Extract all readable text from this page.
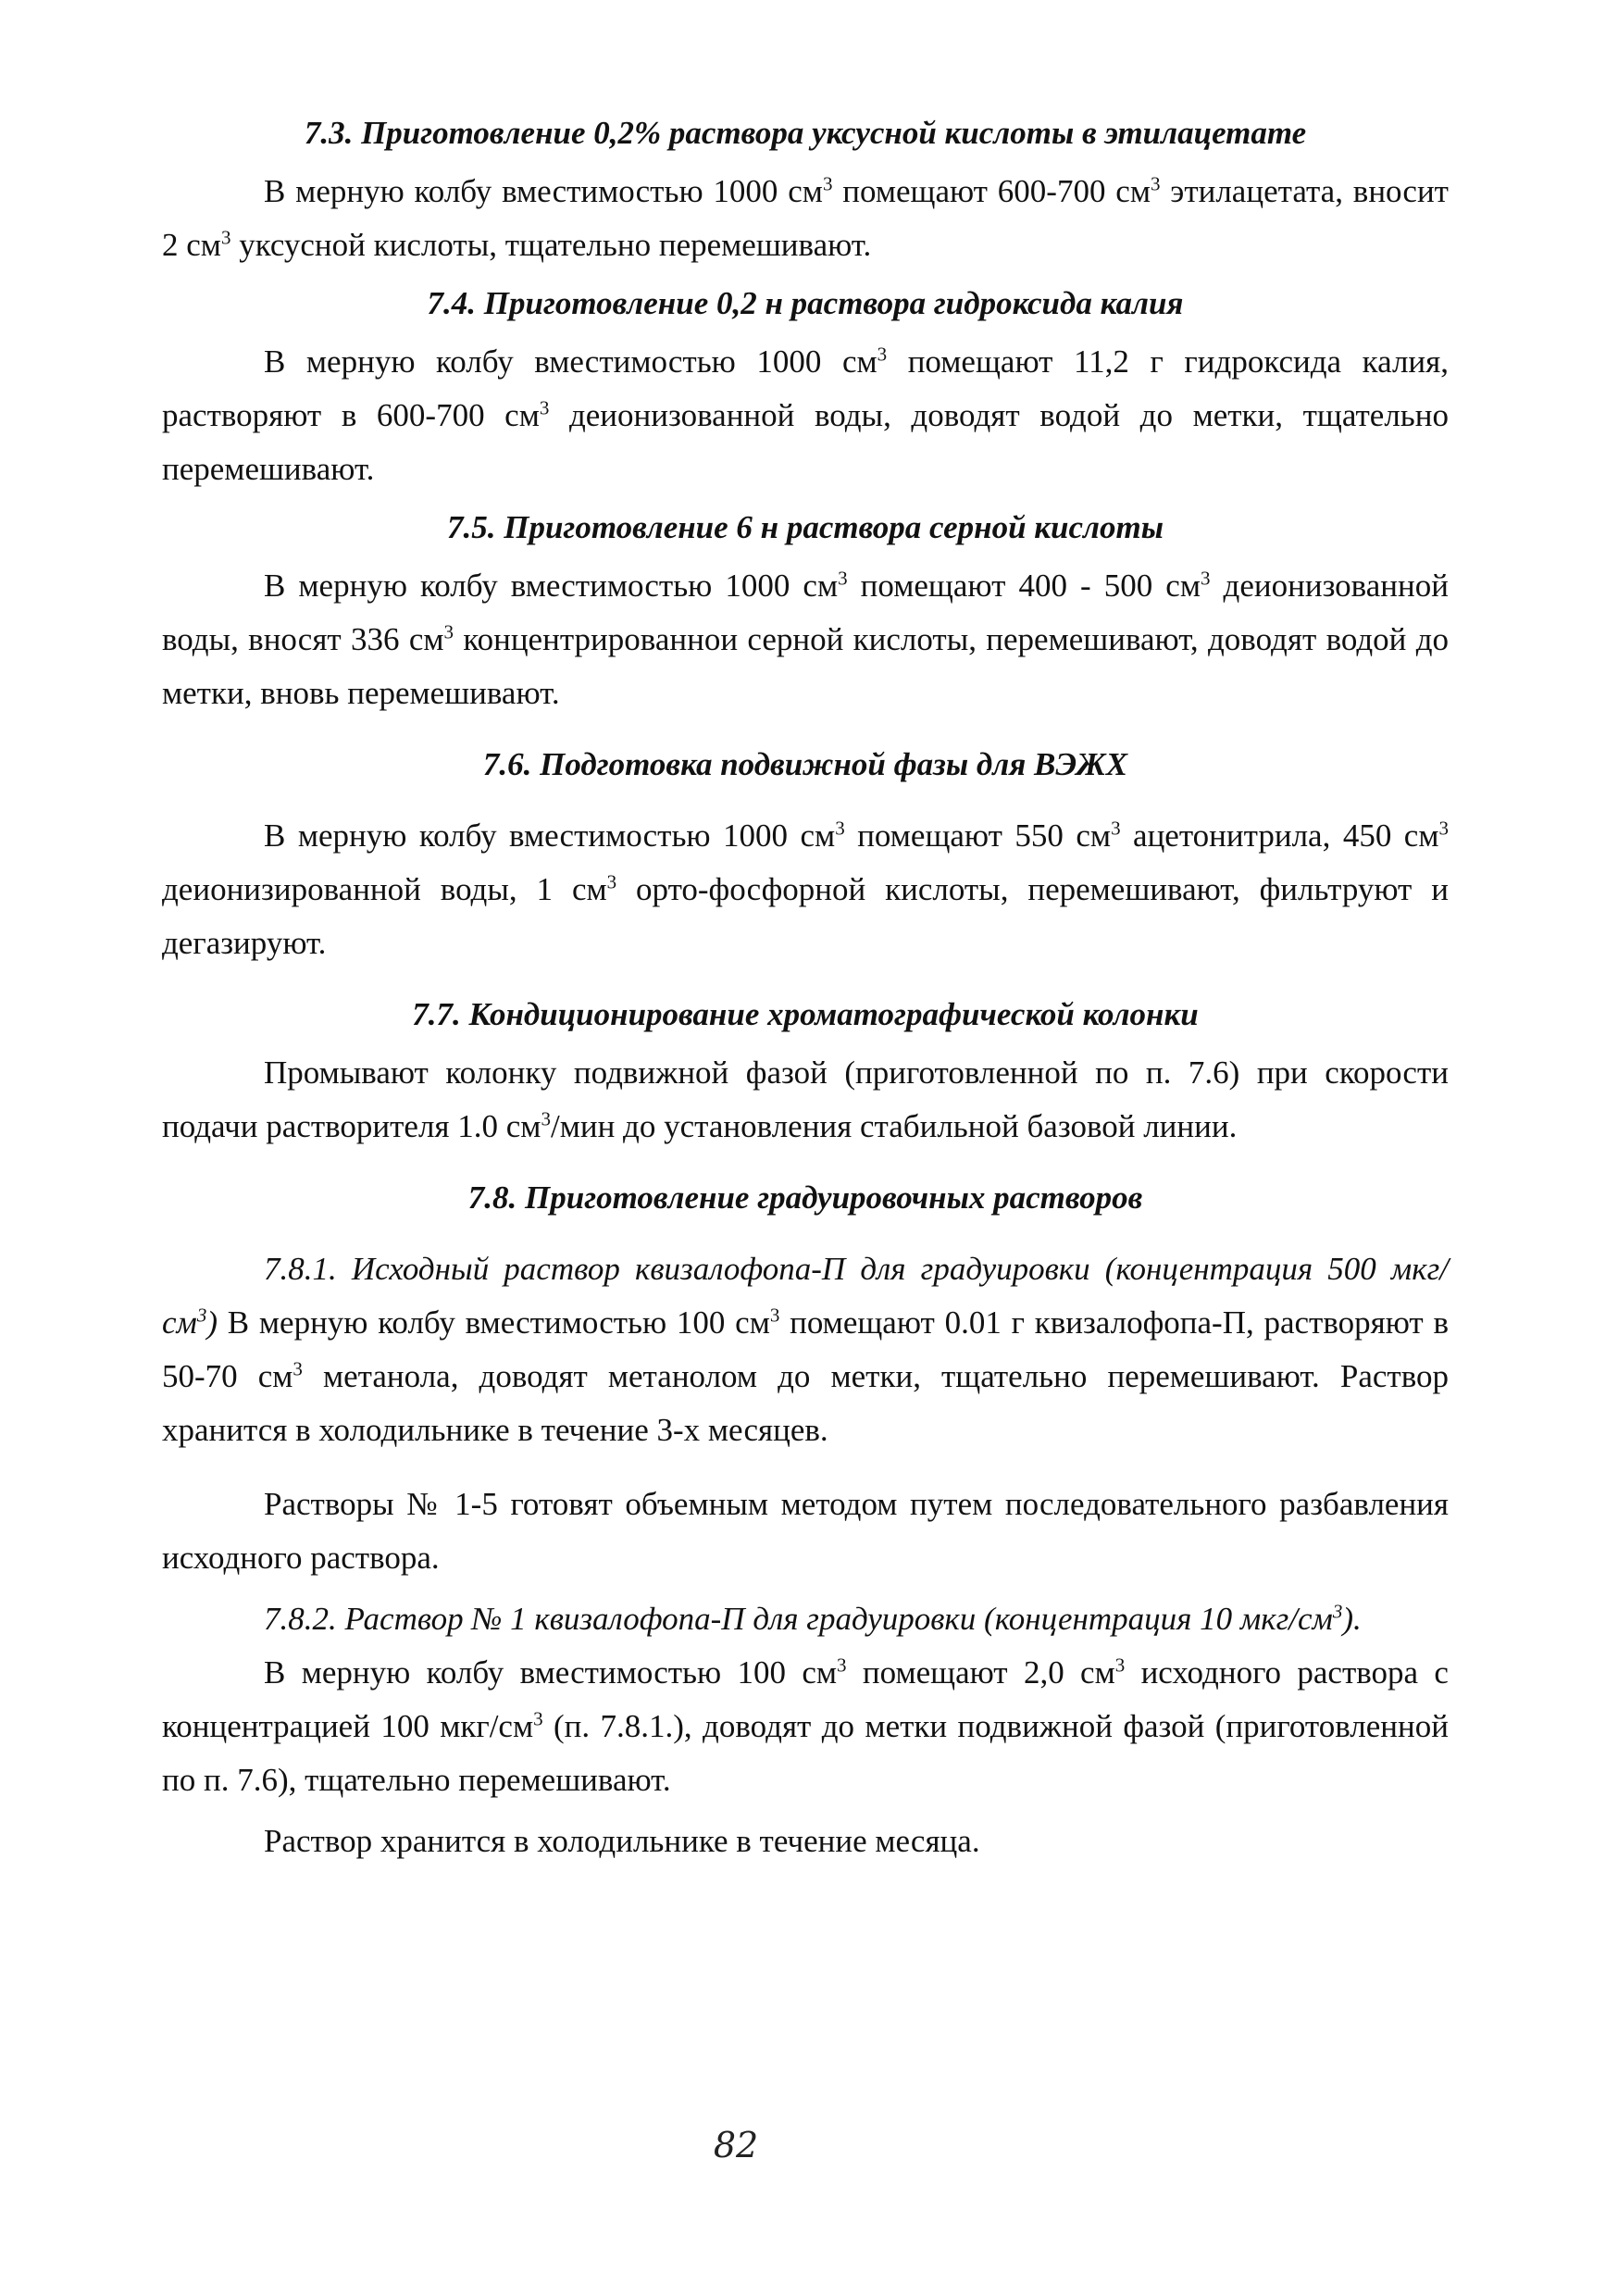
7.3. Приготовление 0,2% раствора уксусной кислоты в этилацетате

В мерную колбу вместимостью 1000 $см^3$ помещают 600-700 $см^3$ этилацетата, вносит 2 $см^3$ уксусной кислоты, тщательно перемешивают.

7.4. Приготовление 0,2 н раствора гидроксида калия

В мерную колбу вместимостью 1000 $см^3$ помещают 11,2 г гидроксида калия, растворяют в 600-700 $см^3$ деионизованной воды, доводят водой до метки, тщательно перемешивают.

7.5. Приготовление 6 н раствора серной кислоты

В мерную колбу вместимостью 1000 $см^3$ помещают 400 - 500 $см^3$ деионизованной воды, вносят 336 $см^3$ концентрированнои серной кислоты, перемешивают, доводят водой до метки, вновь перемешивают.

7.6. Подготовка подвижной фазы для ВЭЖХ

В мерную колбу вместимостью 1000 $см^3$ помещают 550 $см^3$ ацетонитрила, 450 $см^3$ деионизированной воды, 1 $см^3$ орто-фосфорной кислоты, перемешивают, фильтруют и дегазируют.

7.7. Кондиционирование хроматографической колонки

Промывают колонку подвижной фазой (приготовленной по п. 7.6) при скорости подачи растворителя 1.0 $см^3$/мин до установления стабильной базовой линии.

7.8. Приготовление градуировочных растворов

7.8.1. Исходный раствор квизалофопа-П для градуировки (концентрация 500 мкг/$см^3$) В мерную колбу вместимостью 100 $см^3$ помещают 0.01 г квизалофопа-П, растворяют в 50-70 $см^3$ метанола, доводят метанолом до метки, тщательно перемешивают. Раствор хранится в холодильнике в течение 3-х месяцев.

Растворы № 1-5 готовят объемным методом путем последовательного разбавления исходного раствора.

7.8.2. Раствор № 1 квизалофопа-П для градуировки (концентрация 10 мкг/$см^3$).

В мерную колбу вместимостью 100 $см^3$ помещают 2,0 $см^3$ исходного раствора с концентрацией 100 мкг/$см^3$ (п. 7.8.1.), доводят до метки подвижной фазой (приготовленной по п. 7.6), тщательно перемешивают.

Раствор хранится в холодильнике в течение месяца.

82
